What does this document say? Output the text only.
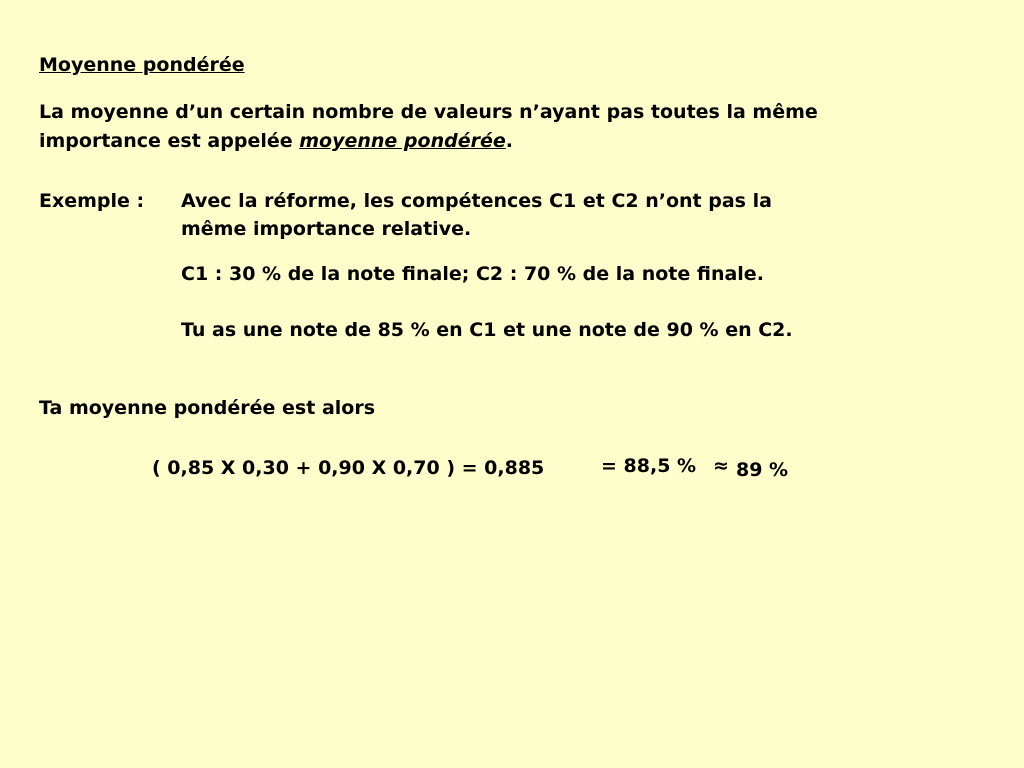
Moyenne pondérée

La moyenne d’un certain nombre de valeurs n’ayant pas toutes la même

importance est appelée moyenne pondérée.

Exemple : Avec la réforme, les compétences C1 et C2 n’ont pas la

même importance relative.

C1 : 30 % de la note finale; C2 : 70 % de la note finale.

Tu as une note de 85 % en C1 et une note de 90 % en C2.

Ta moyenne pondérée est alors

( 0,85 X 0,30 + 0,90 X 0,70 ) = 0,885	= 88,5 % ≈ 89 %
